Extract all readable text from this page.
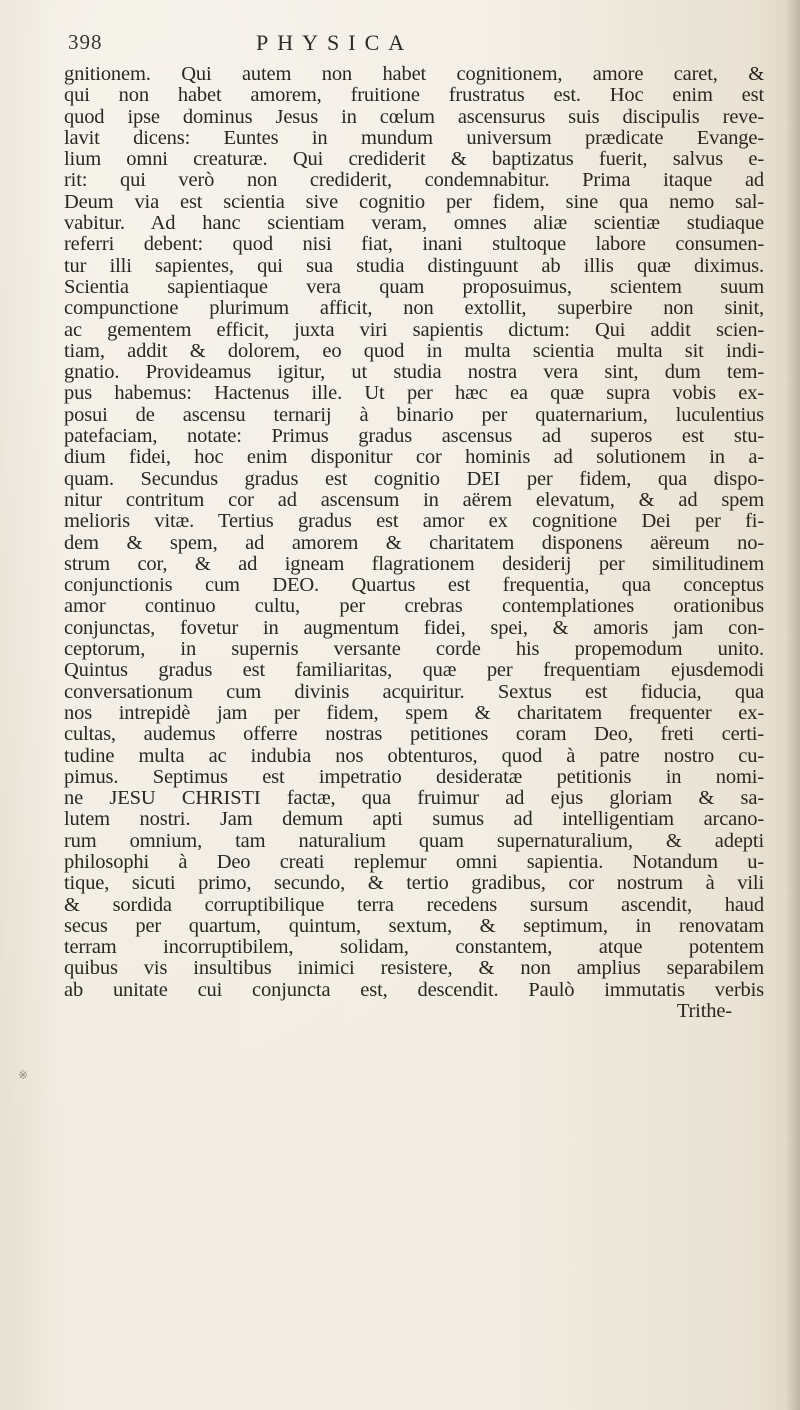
398	PHYSICA
gnitionem. Qui autem non habet cognitionem, amore caret, &
qui non habet amorem, fruitione frustratus est. Hoc enim est
quod ipse dominus Jesus in cœlum ascensurus suis discipulis reve-
lavit dicens: Euntes in mundum universum prædicate Evange-
lium omni creaturæ. Qui crediderit & baptizatus fuerit, salvus e-
rit: qui verò non crediderit, condemnabitur. Prima itaque ad
Deum via est scientia sive cognitio per fidem, sine qua nemo sal-
vabitur. Ad hanc scientiam veram, omnes aliæ scientiæ studiaque
referri debent: quod nisi fiat, inani stultoque labore consumen-
tur illi sapientes, qui sua studia distinguunt ab illis quæ diximus.
Scientia sapientiaque vera quam proposuimus, scientem suum
compunctione plurimum afficit, non extollit, superbire non sinit,
ac gementem efficit, juxta viri sapientis dictum: Qui addit scien-
tiam, addit & dolorem, eo quod in multa scientia multa sit indi-
gnatio. Provideamus igitur, ut studia nostra vera sint, dum tem-
pus habemus: Hactenus ille. Ut per hæc ea quæ supra vobis ex-
posui de ascensu ternarij à binario per quaternarium, luculentius
patefaciam, notate: Primus gradus ascensus ad superos est stu-
dium fidei, hoc enim disponitur cor hominis ad solutionem in a-
quam. Secundus gradus est cognitio DEI per fidem, qua dispo-
nitur contritum cor ad ascensum in aërem elevatum, & ad spem
melioris vitæ. Tertius gradus est amor ex cognitione Dei per fi-
dem & spem, ad amorem & charitatem disponens aëreum no-
strum cor, & ad igneam flagrationem desiderij per similitudinem
conjunctionis cum DEO. Quartus est frequentia, qua conceptus
amor continuo cultu, per crebras contemplationes orationibus
conjunctas, fovetur in augmentum fidei, spei, & amoris jam con-
ceptorum, in supernis versante corde his propemodum unito.
Quintus gradus est familiaritas, quæ per frequentiam ejusdemodi
conversationum cum divinis acquiritur. Sextus est fiducia, qua
nos intrepidè jam per fidem, spem & charitatem frequenter ex-
cultas, audemus offerre nostras petitiones coram Deo, freti certi-
tudine multa ac indubia nos obtenturos, quod à patre nostro cu-
pimus. Septimus est impetratio desideratæ petitionis in nomi-
ne JESU CHRISTI factæ, qua fruimur ad ejus gloriam & sa-
lutem nostri. Jam demum apti sumus ad intelligentiam arcano-
rum omnium, tam naturalium quam supernaturalium, & adepti
philosophi à Deo creati replemur omni sapientia. Notandum u-
tique, sicuti primo, secundo, & tertio gradibus, cor nostrum à vili
& sordida corruptibilique terra recedens sursum ascendit, haud
secus per quartum, quintum, sextum, & septimum, in renovatam
terram incorruptibilem, solidam, constantem, atque potentem
quibus vis insultibus inimici resistere, & non amplius separabilem
ab unitate cui conjuncta est, descendit. Paulò immutatis verbis
Trithe-
※
